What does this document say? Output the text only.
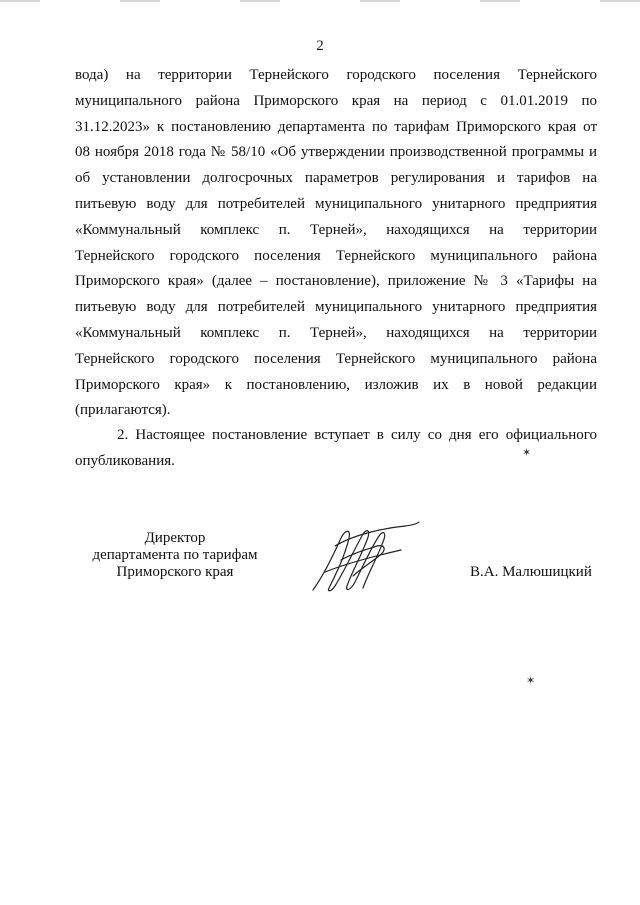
2
вода) на территории Тернейского городского поселения Тернейского
муниципального района Приморского края на период с 01.01.2019 по
31.12.2023» к постановлению департамента по тарифам Приморского края от
08 ноября 2018 года № 58/10 «Об утверждении производственной программы и
об установлении долгосрочных параметров регулирования и тарифов на
питьевую воду для потребителей муниципального унитарного предприятия
«Коммунальный комплекс п. Терней», находящихся на территории
Тернейского городского поселения Тернейского муниципального района
Приморского края» (далее – постановление), приложение № 3 «Тарифы на
питьевую воду для потребителей муниципального унитарного предприятия
«Коммунальный комплекс п. Терней», находящихся на территории
Тернейского городского поселения Тернейского муниципального района
Приморского края» к постановлению, изложив их в новой редакции
(прилагаются).
2. Настоящее постановление вступает в силу со дня его официального
опубликования.
Директор
департамента по тарифам
Приморского края	В.А. Малюшицкий
✶
✶
